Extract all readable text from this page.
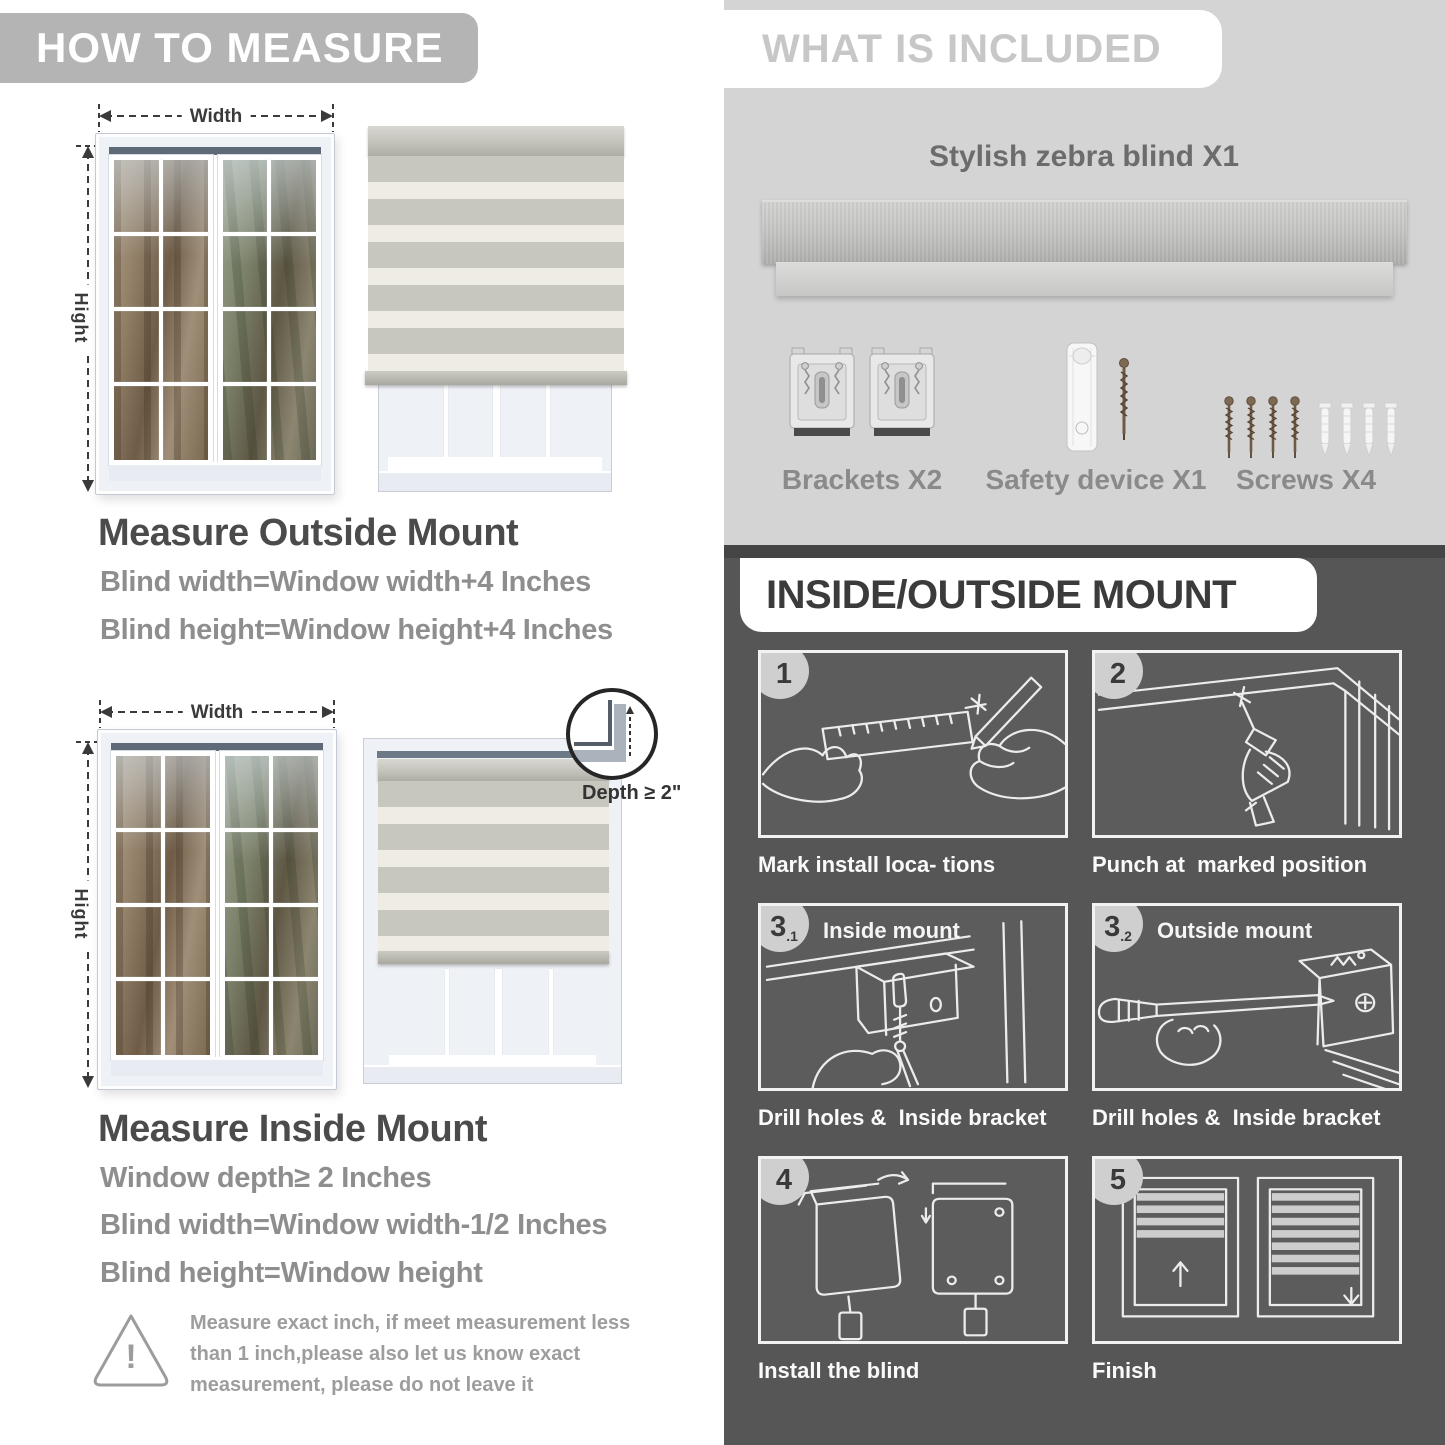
HOW TO MEASURE
Width
Hight
Measure Outside Mount
Blind width=Window width+4 Inches
Blind height=Window height+4 Inches
Width
Hight
Depth ≥ 2"
Measure Inside Mount
Window depth≥ 2 Inches
Blind width=Window width-1/2 Inches
Blind height=Window height
!
Measure exact inch, if meet measurement less than 1 inch,please also let us know exact measurement, please do not leave it
WHAT IS INCLUDED
Stylish zebra blind X1
Brackets X2	Safety device X1	Screws X4
INSIDE/OUTSIDE MOUNT
1
Mark install loca- tions
2
Punch at  marked position
3 .1 Inside mount
Drill holes &  Inside bracket
3 .2 Outside mount
Drill holes &  Inside bracket
4
Install the blind
5
Finish
